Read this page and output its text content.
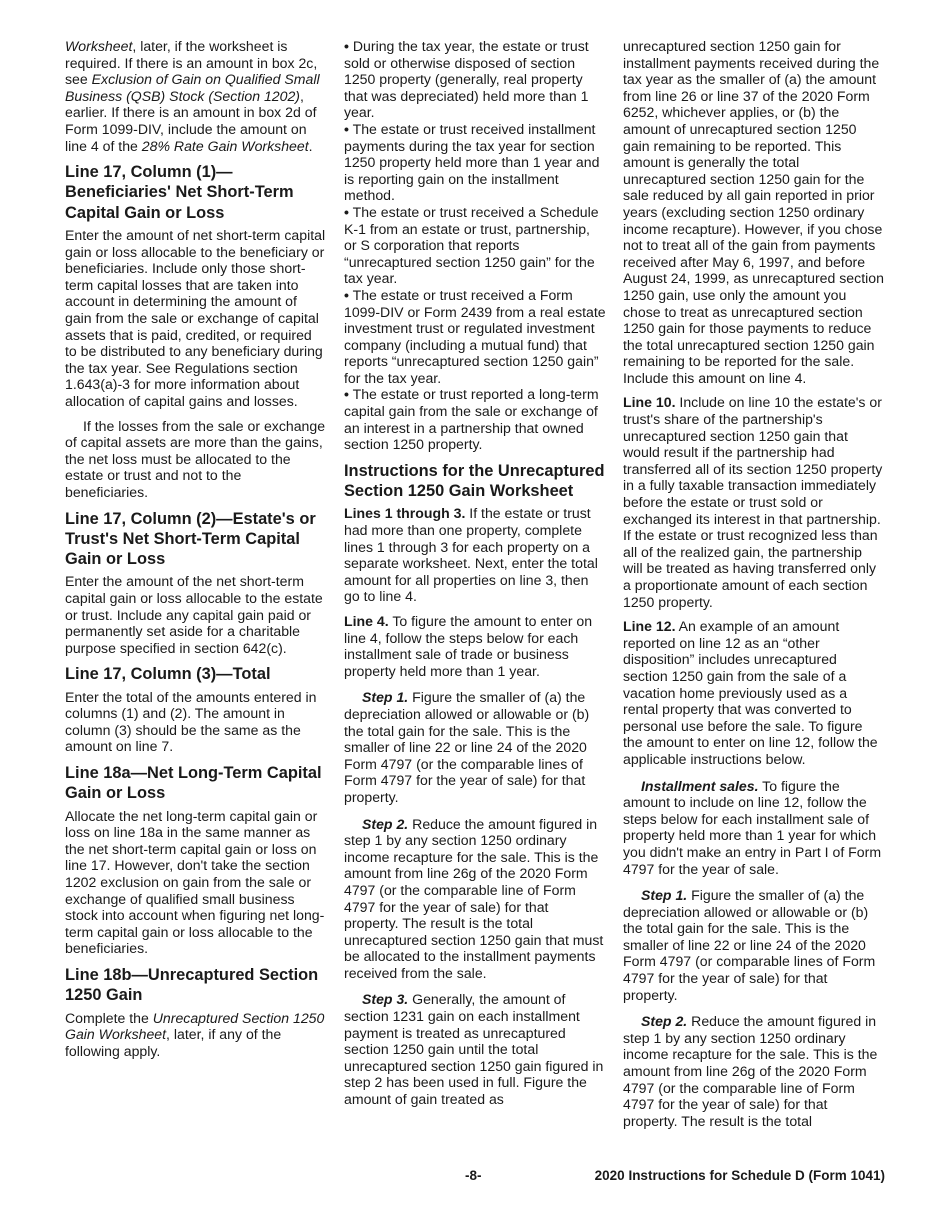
Worksheet, later, if the worksheet is required. If there is an amount in box 2c, see Exclusion of Gain on Qualified Small Business (QSB) Stock (Section 1202), earlier. If there is an amount in box 2d of Form 1099-DIV, include the amount on line 4 of the 28% Rate Gain Worksheet.

Line 17, Column (1)—Beneficiaries' Net Short-Term Capital Gain or Loss

Enter the amount of net short-term capital gain or loss allocable to the beneficiary or beneficiaries. Include only those short-term capital losses that are taken into account in determining the amount of gain from the sale or exchange of capital assets that is paid, credited, or required to be distributed to any beneficiary during the tax year. See Regulations section 1.643(a)-3 for more information about allocation of capital gains and losses.

If the losses from the sale or exchange of capital assets are more than the gains, the net loss must be allocated to the estate or trust and not to the beneficiaries.

Line 17, Column (2)—Estate's or Trust's Net Short-Term Capital Gain or Loss

Enter the amount of the net short-term capital gain or loss allocable to the estate or trust. Include any capital gain paid or permanently set aside for a charitable purpose specified in section 642(c).

Line 17, Column (3)—Total

Enter the total of the amounts entered in columns (1) and (2). The amount in column (3) should be the same as the amount on line 7.

Line 18a—Net Long-Term Capital Gain or Loss

Allocate the net long-term capital gain or loss on line 18a in the same manner as the net short-term capital gain or loss on line 17. However, don't take the section 1202 exclusion on gain from the sale or exchange of qualified small business stock into account when figuring net long-term capital gain or loss allocable to the beneficiaries.

Line 18b—Unrecaptured Section 1250 Gain

Complete the Unrecaptured Section 1250 Gain Worksheet, later, if any of the following apply.

• During the tax year, the estate or trust sold or otherwise disposed of section 1250 property (generally, real property that was depreciated) held more than 1 year.

• The estate or trust received installment payments during the tax year for section 1250 property held more than 1 year and is reporting gain on the installment method.

• The estate or trust received a Schedule K-1 from an estate or trust, partnership, or S corporation that reports “unrecaptured section 1250 gain” for the tax year.

• The estate or trust received a Form 1099-DIV or Form 2439 from a real estate investment trust or regulated investment company (including a mutual fund) that reports “unrecaptured section 1250 gain” for the tax year.

• The estate or trust reported a long-term capital gain from the sale or exchange of an interest in a partnership that owned section 1250 property.

Instructions for the Unrecaptured Section 1250 Gain Worksheet

Lines 1 through 3. If the estate or trust had more than one property, complete lines 1 through 3 for each property on a separate worksheet. Next, enter the total amount for all properties on line 3, then go to line 4.

Line 4. To figure the amount to enter on line 4, follow the steps below for each installment sale of trade or business property held more than 1 year.

Step 1. Figure the smaller of (a) the depreciation allowed or allowable or (b) the total gain for the sale. This is the smaller of line 22 or line 24 of the 2020 Form 4797 (or the comparable lines of Form 4797 for the year of sale) for that property.

Step 2. Reduce the amount figured in step 1 by any section 1250 ordinary income recapture for the sale. This is the amount from line 26g of the 2020 Form 4797 (or the comparable line of Form 4797 for the year of sale) for that property. The result is the total unrecaptured section 1250 gain that must be allocated to the installment payments received from the sale.

Step 3. Generally, the amount of section 1231 gain on each installment payment is treated as unrecaptured section 1250 gain until the total unrecaptured section 1250 gain figured in step 2 has been used in full. Figure the amount of gain treated as

unrecaptured section 1250 gain for installment payments received during the tax year as the smaller of (a) the amount from line 26 or line 37 of the 2020 Form 6252, whichever applies, or (b) the amount of unrecaptured section 1250 gain remaining to be reported. This amount is generally the total unrecaptured section 1250 gain for the sale reduced by all gain reported in prior years (excluding section 1250 ordinary income recapture). However, if you chose not to treat all of the gain from payments received after May 6, 1997, and before August 24, 1999, as unrecaptured section 1250 gain, use only the amount you chose to treat as unrecaptured section 1250 gain for those payments to reduce the total unrecaptured section 1250 gain remaining to be reported for the sale. Include this amount on line 4.

Line 10. Include on line 10 the estate's or trust's share of the partnership's unrecaptured section 1250 gain that would result if the partnership had transferred all of its section 1250 property in a fully taxable transaction immediately before the estate or trust sold or exchanged its interest in that partnership. If the estate or trust recognized less than all of the realized gain, the partnership will be treated as having transferred only a proportionate amount of each section 1250 property.

Line 12. An example of an amount reported on line 12 as an “other disposition” includes unrecaptured section 1250 gain from the sale of a vacation home previously used as a rental property that was converted to personal use before the sale. To figure the amount to enter on line 12, follow the applicable instructions below.

Installment sales. To figure the amount to include on line 12, follow the steps below for each installment sale of property held more than 1 year for which you didn't make an entry in Part I of Form 4797 for the year of sale.

Step 1. Figure the smaller of (a) the depreciation allowed or allowable or (b) the total gain for the sale. This is the smaller of line 22 or line 24 of the 2020 Form 4797 (or comparable lines of Form 4797 for the year of sale) for that property.

Step 2. Reduce the amount figured in step 1 by any section 1250 ordinary income recapture for the sale. This is the amount from line 26g of the 2020 Form 4797 (or the comparable line of Form 4797 for the year of sale) for that property. The result is the total

-8-	2020 Instructions for Schedule D (Form 1041)
